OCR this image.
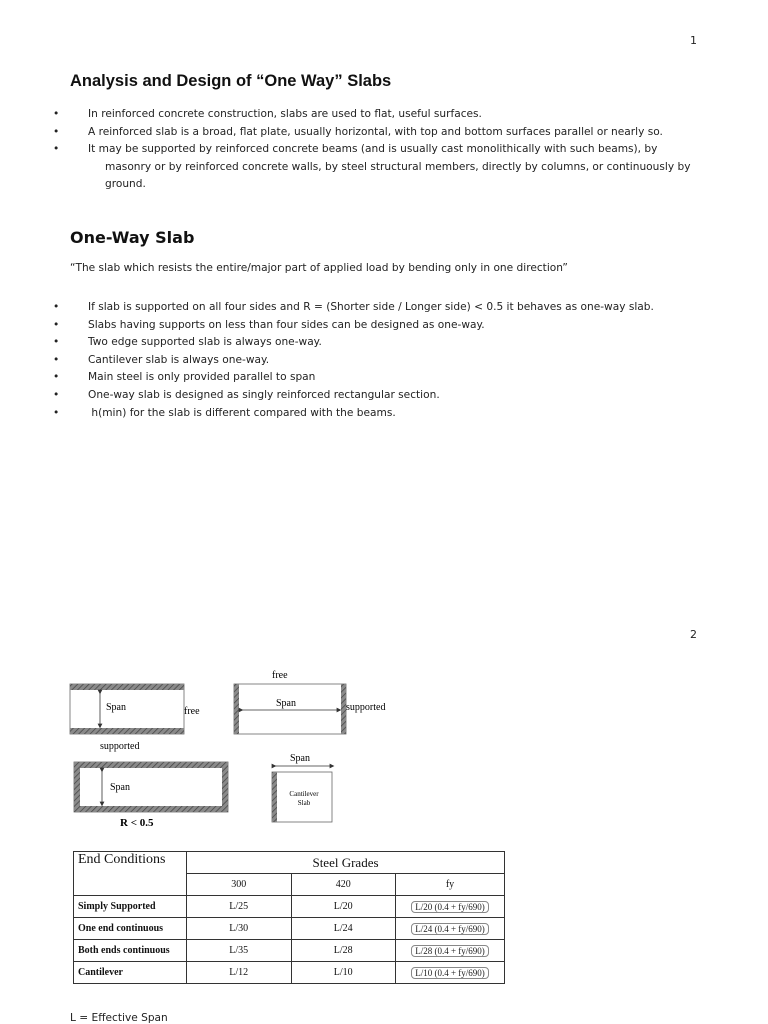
1
Analysis and Design of “One Way” Slabs
•	In reinforced concrete construction, slabs are used to flat, useful surfaces.
•	A reinforced slab is a broad, flat plate, usually horizontal, with top and bottom surfaces parallel or nearly so.
•	It may be supported by reinforced concrete beams (and is usually cast monolithically with such beams), by masonry or by reinforced concrete walls, by steel structural members, directly by columns, or continuously by ground.
One-Way Slab
“The slab which resists the entire/major part of applied load by bending only in one direction”
•	If slab is supported on all four sides and R = (Shorter side / Longer side) < 0.5 it behaves as one-way slab.
•	Slabs having supports on less than four sides can be designed as one-way.
•	Two edge supported slab is always one-way.
•	Cantilever slab is always one-way.
•	Main steel is only provided parallel to span
•	One-way slab is designed as singly reinforced rectangular section.
•	h(min) for the slab is different compared with the beams.
2
Span	free
supported
free
Span	supported
Span
R < 0.5
Span
Cantilever
Slab
End Conditions	Steel Grades		
	300	420	fy
Simply Supported	L/25	L/20	L/20 (0.4 + fy/690)
One end continuous	L/30	L/24	L/24 (0.4 + fy/690)
Both ends continuous	L/35	L/28	L/28 (0.4 + fy/690)
Cantilever	L/12	L/10	L/10 (0.4 + fy/690)
L = Effective Span
